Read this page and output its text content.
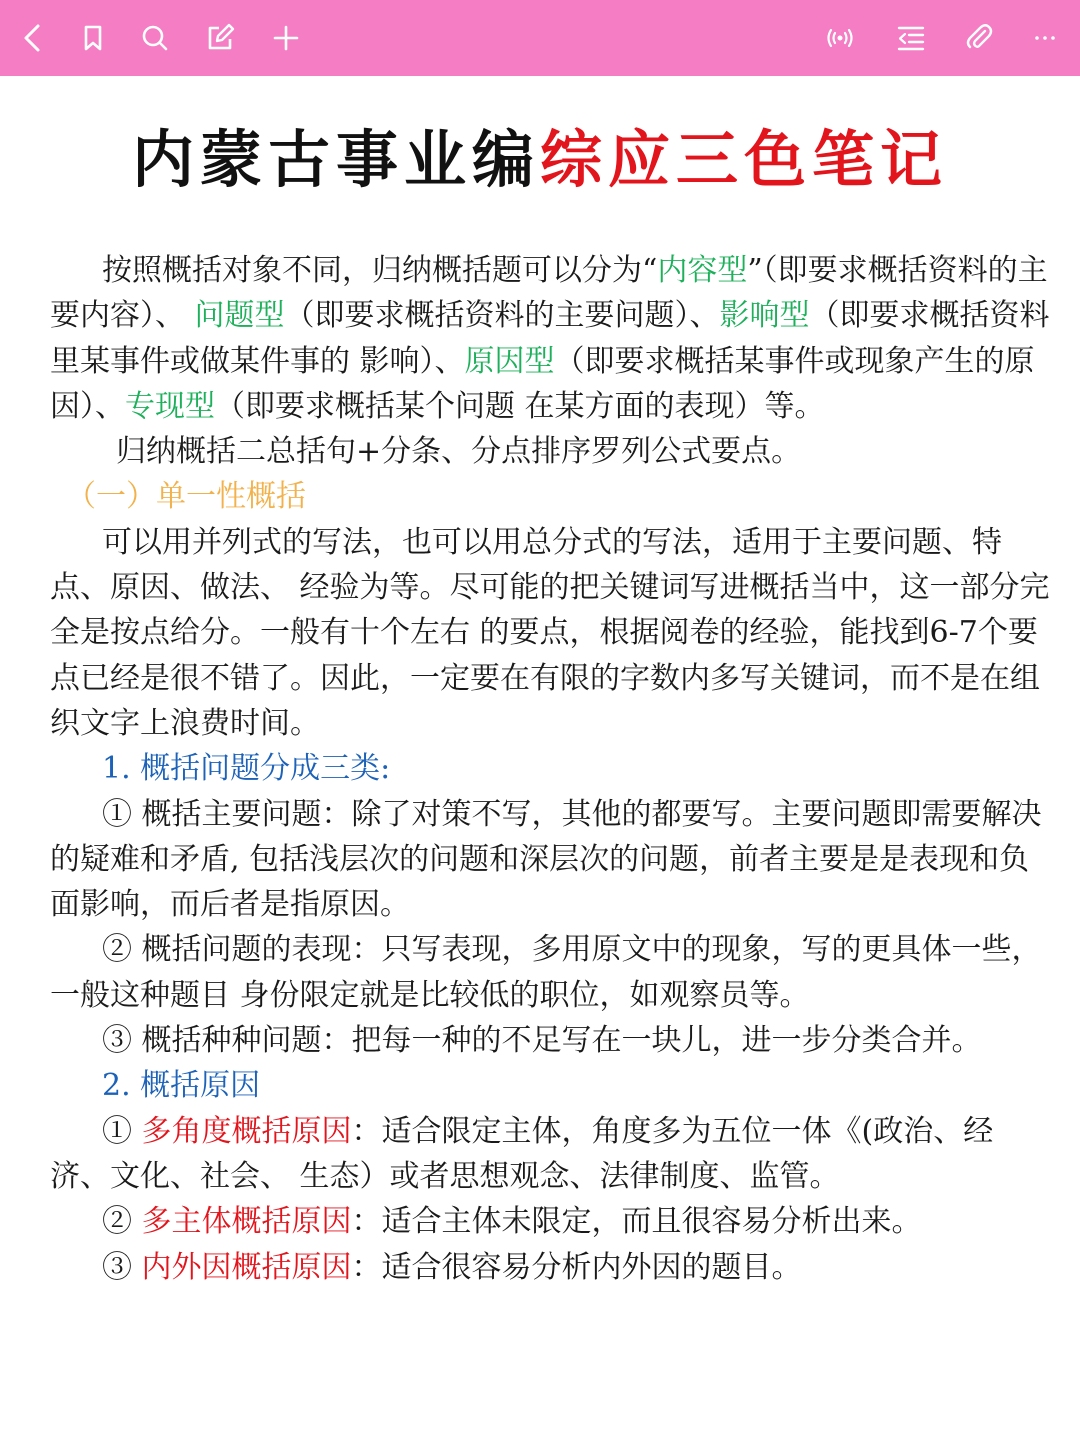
内蒙古事业编综应三色笔记

按照概括对象不同，归纳概括题可以分为“内容型”（即要求概括资料的主要内容）、 问题型（即要求概括资料的主要问题）、影响型（即要求概括资料里某事件或做某件事的 影响）、原因型（即要求概括某事件或现象产生的原因）、专现型（即要求概括某个问题 在某方面的表现）等。

归纳概括二总括句+分条、分点排序罗列公式要点。

（一）单一性概括

可以用并列式的写法，也可以用总分式的写法，适用于主要问题、特点、原因、做法、 经验为等。尽可能的把关键词写进概括当中，这一部分完全是按点给分。一般有十个左右 的要点，根据阅卷的经验，能找到6-7个要点已经是很不错了。因此，一定要在有限的字数内多写关键词，而不是在组织文字上浪费时间。

1. 概括问题分成三类:

① 概括主要问题：除了对策不写，其他的都要写。主要问题即需要解决的疑难和矛盾, 包括浅层次的问题和深层次的问题，前者主要是是表现和负面影响，而后者是指原因。

② 概括问题的表现：只写表现，多用原文中的现象，写的更具体一些，一般这种题目 身份限定就是比较低的职位，如观察员等。

③ 概括种种问题：把每一种的不足写在一块儿，进一步分类合并。

2. 概括原因

① 多角度概括原因：适合限定主体，角度多为五位一体《(政治、经济、文化、社会、 生态）或者思想观念、法律制度、监管。

② 多主体概括原因：适合主体未限定，而且很容易分析出来。

③ 内外因概括原因：适合很容易分析内外因的题目。
